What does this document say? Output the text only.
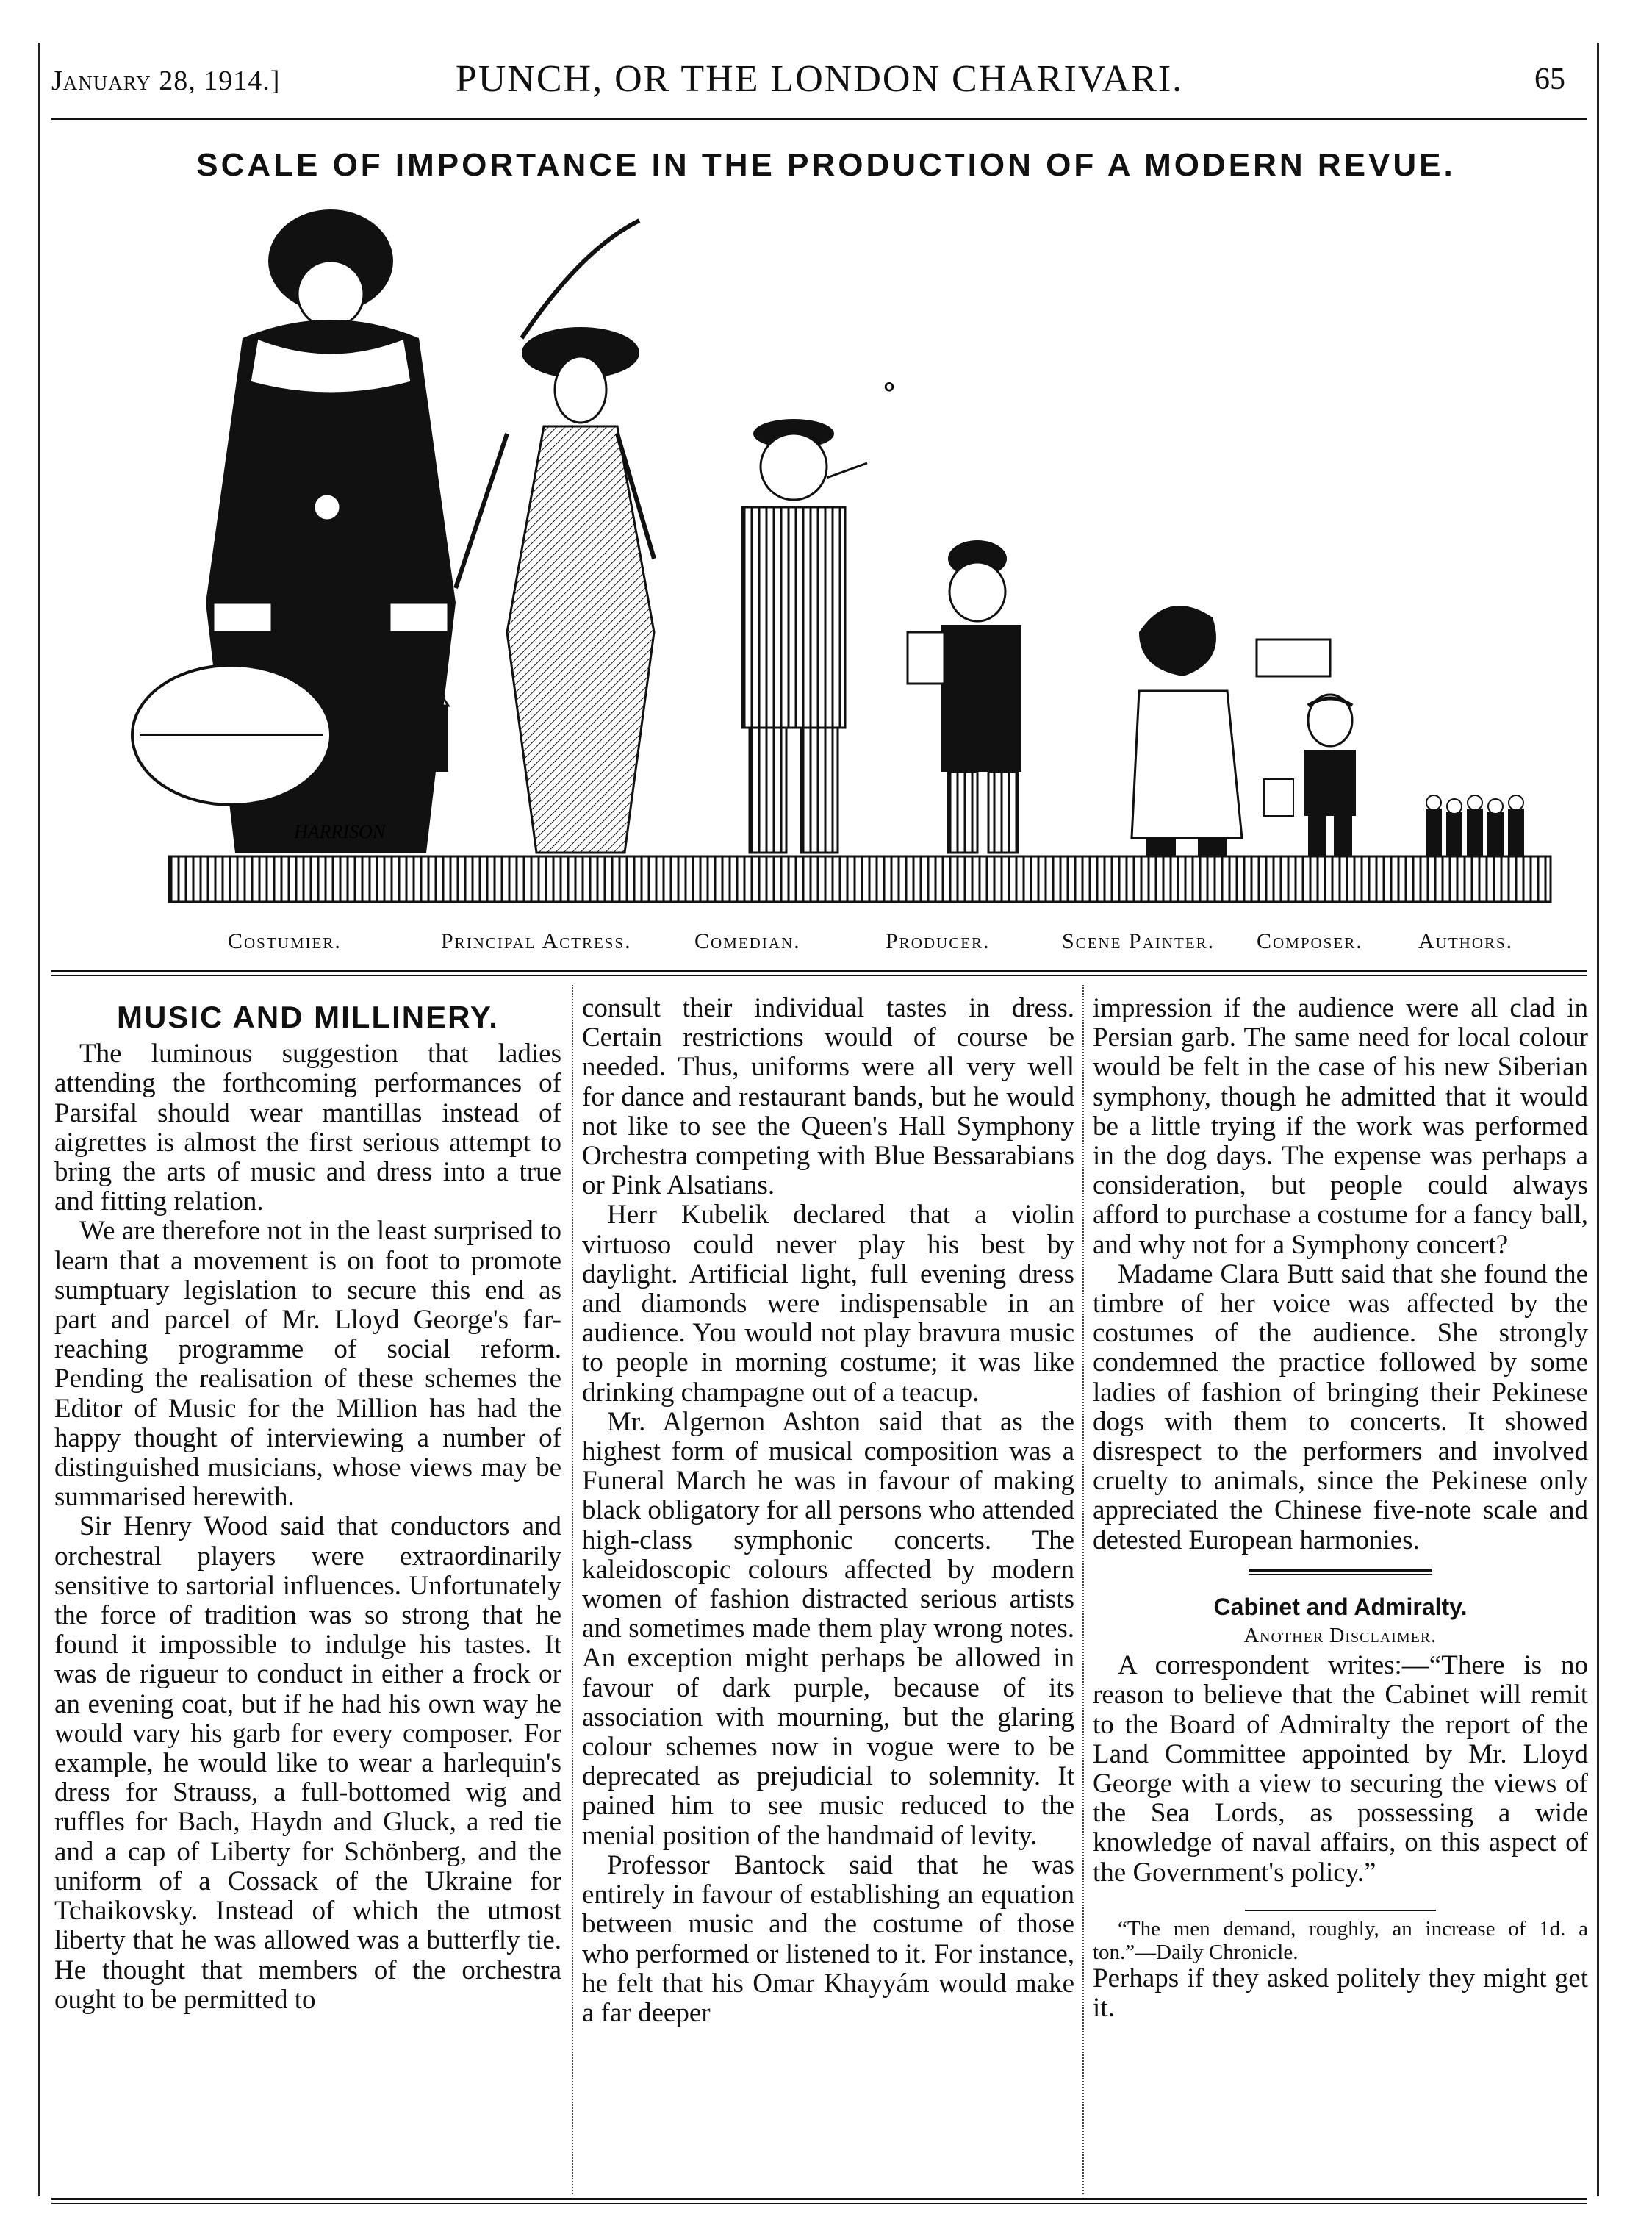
January 28, 1914.]	PUNCH, OR THE LONDON CHARIVARI.	65
SCALE OF IMPORTANCE IN THE PRODUCTION OF A MODERN REVUE.
HARRISON
°
Costumier.	Principal Actress.	Comedian.	Producer.	Scene Painter. Composer.	Authors.
MUSIC AND MILLINERY.

The luminous suggestion that ladies attending the forthcoming performances of Parsifal should wear mantillas instead of aigrettes is almost the first serious attempt to bring the arts of music and dress into a true and fitting relation.

We are therefore not in the least surprised to learn that a movement is on foot to promote sumptuary legislation to secure this end as part and parcel of Mr. Lloyd George's far-reaching programme of social reform. Pending the realisation of these schemes the Editor of Music for the Million has had the happy thought of interviewing a number of distinguished musicians, whose views may be summarised herewith.

Sir Henry Wood said that conductors and orchestral players were extraordinarily sensitive to sartorial influences. Unfortunately the force of tradition was so strong that he found it impossible to indulge his tastes. It was de rigueur to conduct in either a frock or an evening coat, but if he had his own way he would vary his garb for every composer. For example, he would like to wear a harlequin's dress for Strauss, a full-bottomed wig and ruffles for Bach, Haydn and Gluck, a red tie and a cap of Liberty for Schönberg, and the uniform of a Cossack of the Ukraine for Tchaikovsky. Instead of which the utmost liberty that he was allowed was a butterfly tie. He thought that members of the orchestra ought to be permitted to

consult their individual tastes in dress. Certain restrictions would of course be needed. Thus, uniforms were all very well for dance and restaurant bands, but he would not like to see the Queen's Hall Symphony Orchestra competing with Blue Bessarabians or Pink Alsatians.

Herr Kubelik declared that a violin virtuoso could never play his best by daylight. Artificial light, full evening dress and diamonds were indispensable in an audience. You would not play bravura music to people in morning costume; it was like drinking champagne out of a teacup.

Mr. Algernon Ashton said that as the highest form of musical composition was a Funeral March he was in favour of making black obligatory for all persons who attended high-class symphonic concerts. The kaleidoscopic colours affected by modern women of fashion distracted serious artists and sometimes made them play wrong notes. An exception might perhaps be allowed in favour of dark purple, because of its association with mourning, but the glaring colour schemes now in vogue were to be deprecated as prejudicial to solemnity. It pained him to see music reduced to the menial position of the handmaid of levity.

Professor Bantock said that he was entirely in favour of establishing an equation between music and the costume of those who performed or listened to it. For instance, he felt that his Omar Khayyám would make a far deeper

impression if the audience were all clad in Persian garb. The same need for local colour would be felt in the case of his new Siberian symphony, though he admitted that it would be a little trying if the work was performed in the dog days. The expense was perhaps a consideration, but people could always afford to purchase a costume for a fancy ball, and why not for a Symphony concert?

Madame Clara Butt said that she found the timbre of her voice was affected by the costumes of the audience. She strongly condemned the practice followed by some ladies of fashion of bringing their Pekinese dogs with them to concerts. It showed disrespect to the performers and involved cruelty to animals, since the Pekinese only appreciated the Chinese five-note scale and detested European harmonies.

Cabinet and Admiralty.
Another Disclaimer.

A correspondent writes:—“There is no reason to believe that the Cabinet will remit to the Board of Admiralty the report of the Land Committee appointed by Mr. Lloyd George with a view to securing the views of the Sea Lords, as possessing a wide knowledge of naval affairs, on this aspect of the Government's policy.”

“The men demand, roughly, an increase of 1d. a ton.”—Daily Chronicle.

Perhaps if they asked politely they might get it.
